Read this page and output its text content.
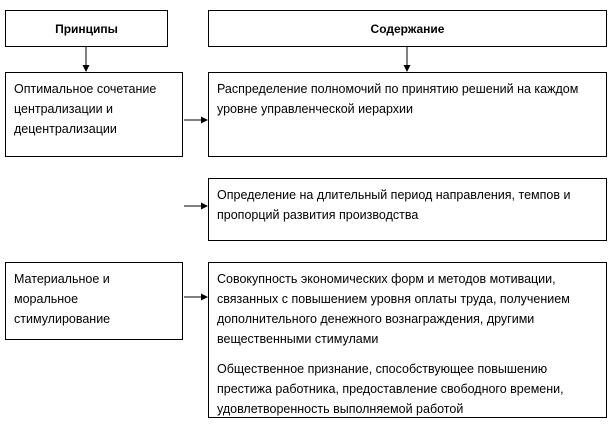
Принципы	Содержание
Оптимальное сочетание централизации и децентрализации
Распределение полномочий по принятию решений на каждом уровне управленческой иерархии
Определение на длительный период направления, темпов и пропорций развития производства
Материальное и моральное стимулирование

Совокупность экономических форм и методов мотивации, связанных с повышением уровня оплаты труда, получением дополнительного денежного вознаграждения, другими вещественными стимулами

Общественное признание, способствующее повышению престижа работника, предоставление свободного времени, удовлетворенность выполняемой работой
